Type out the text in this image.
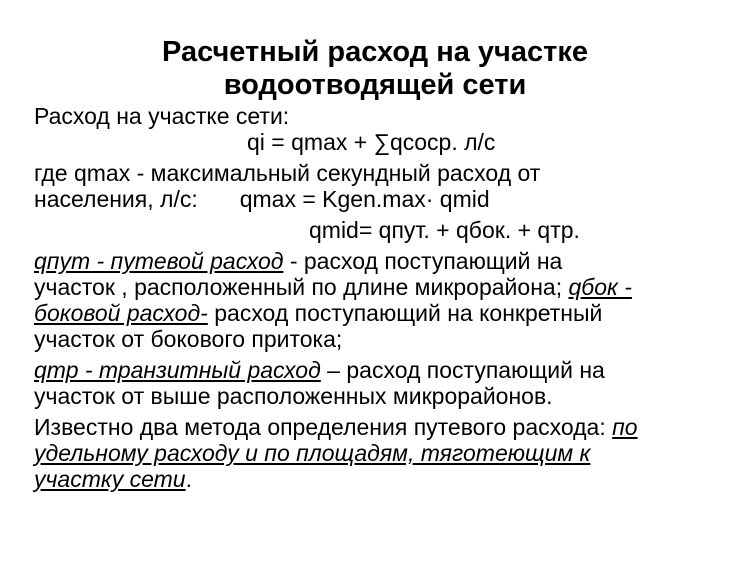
Расчетный расход на участке
водоотводящей сети
Расход на участке сети:
qi = qmax + ∑qcocp. л/с
где qmax - максимальный секундный расход от
населения, л/с: qmax = Kgen.max· qmid
qmid= qпут. + qбок. + qтр.
qпут - путевой расход - расход поступающий на
участок , расположенный по длине микрорайона; qбок -
боковой расход- расход поступающий на конкретный
участок от бокового притока;
qтр - транзитный расход – расход поступающий на
участок от выше расположенных микрорайонов.
Известно два метода определения путевого расхода: по
удельному расходу и по площадям, тяготеющим к
участку сети.
